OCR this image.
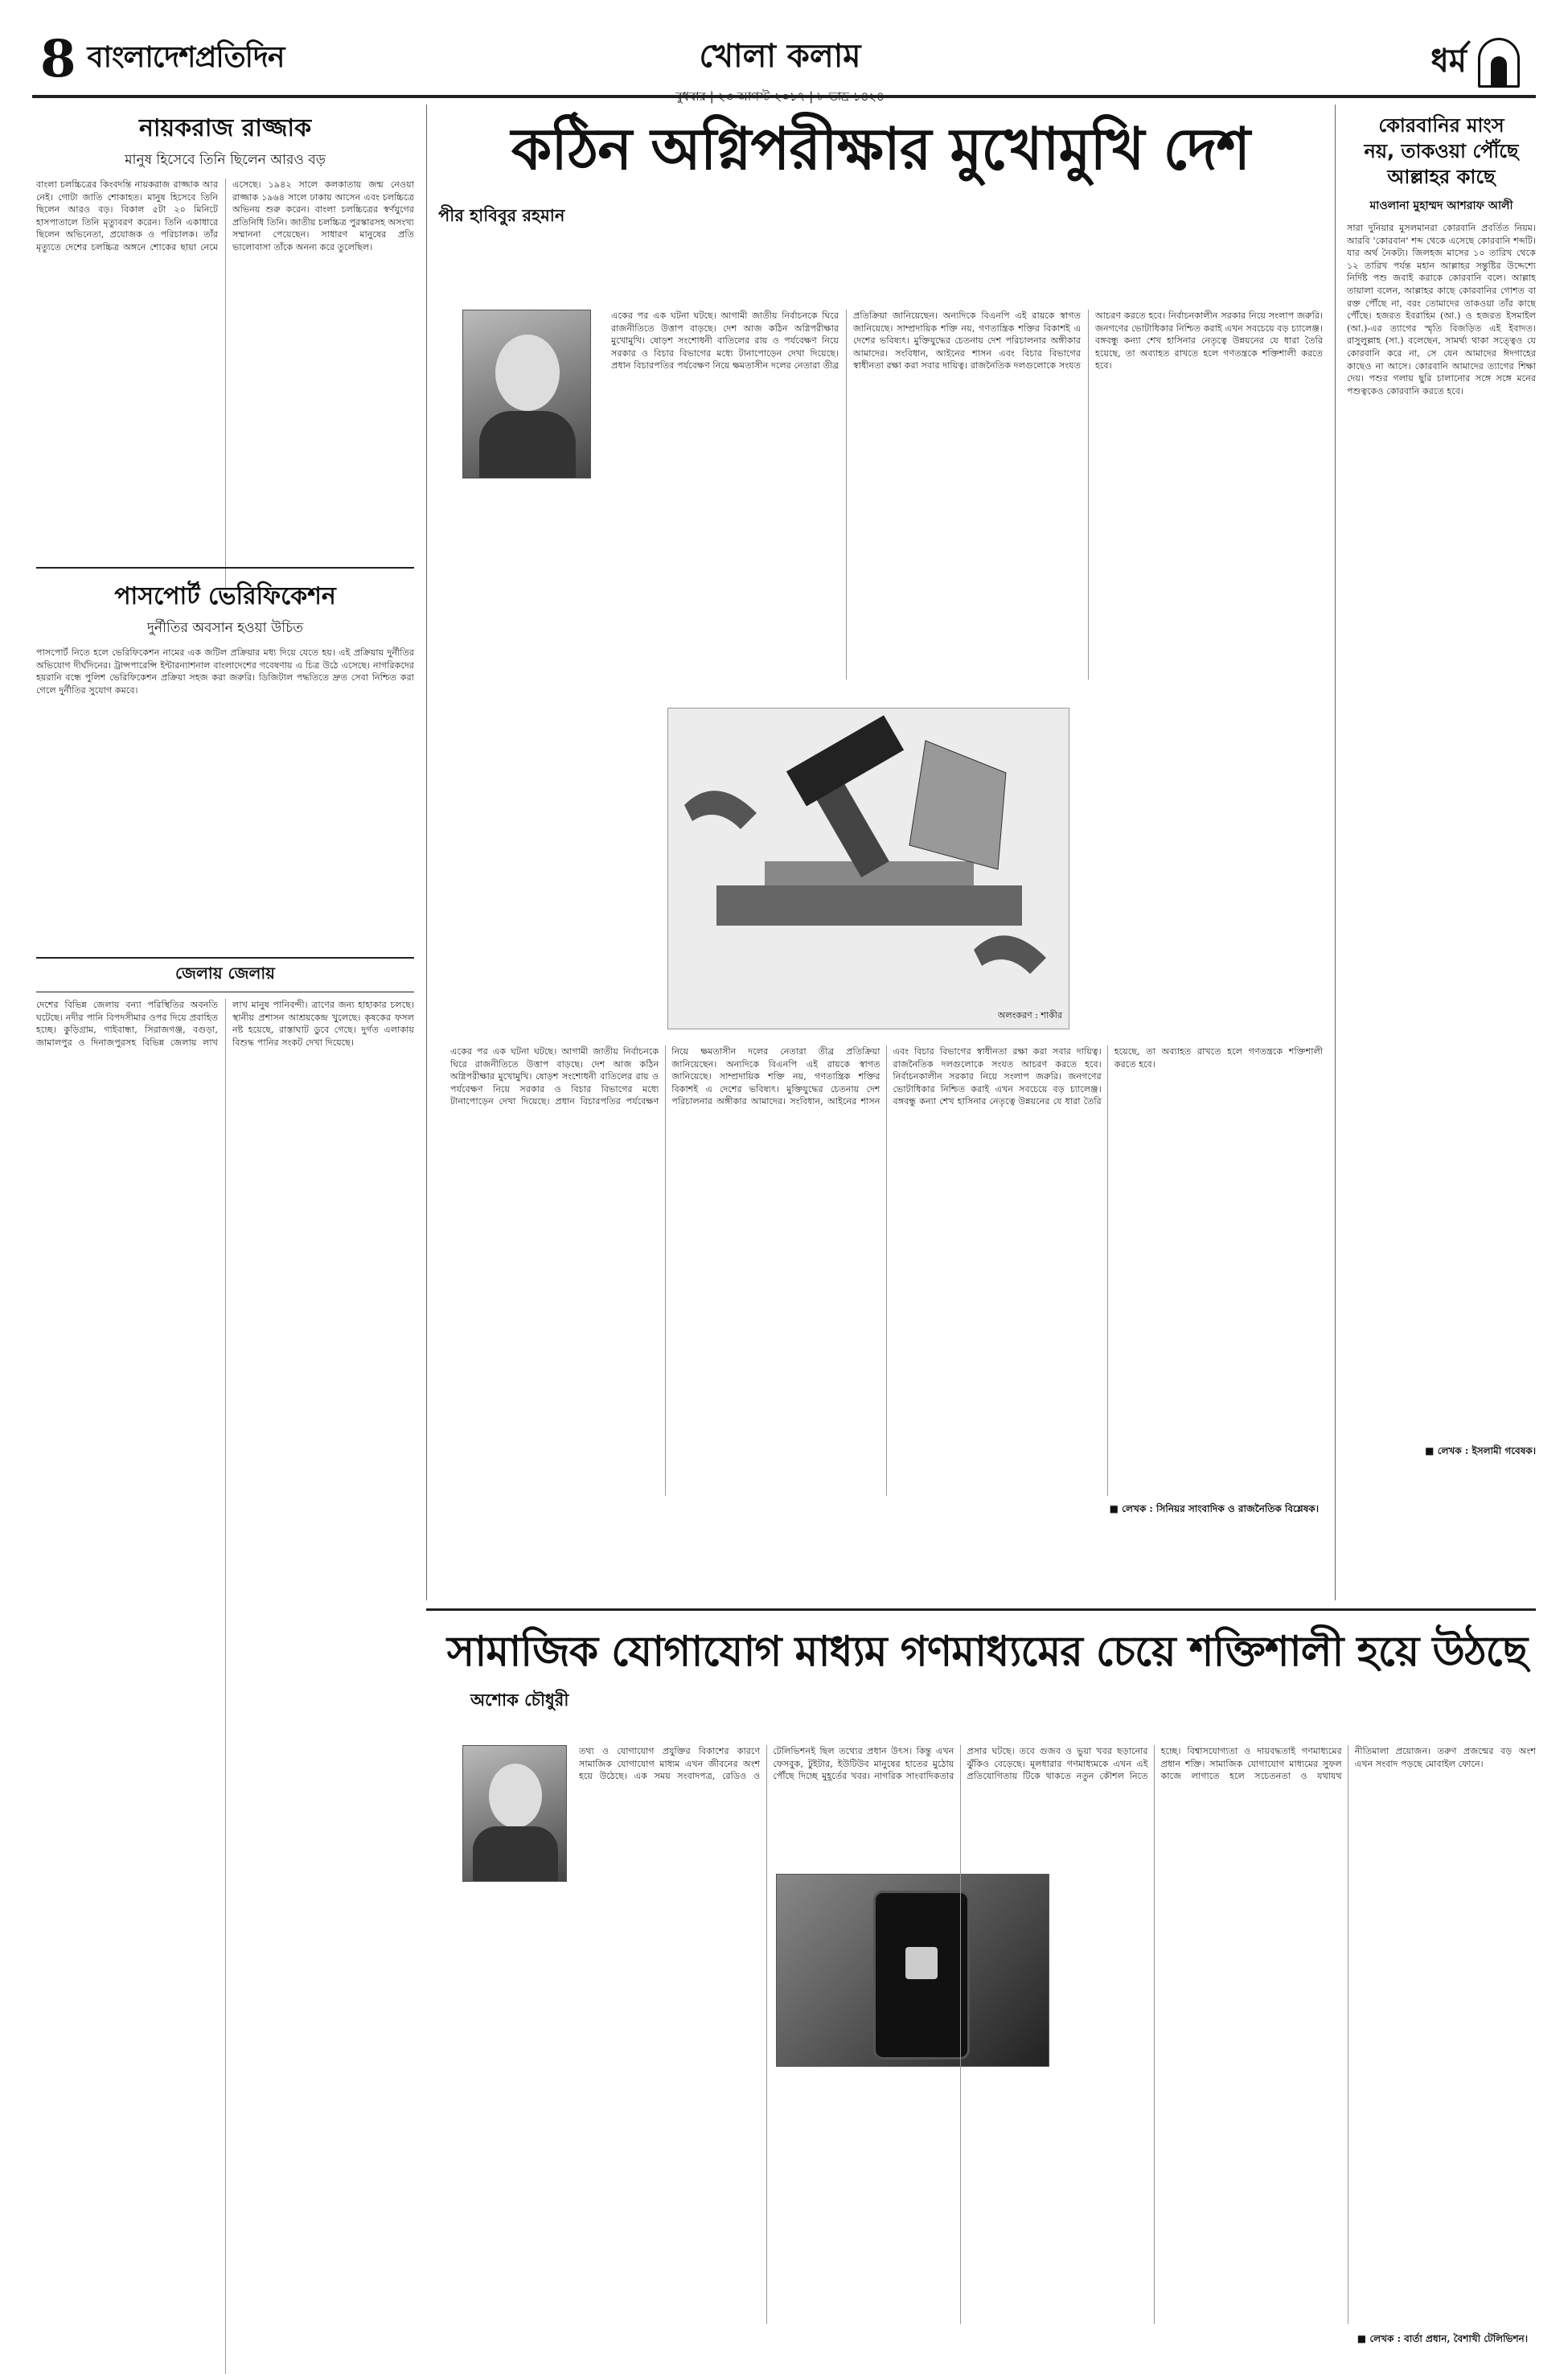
8 বাংলাদেশপ্রতিদিন	খোলা কলাম	ধর্ম
নায়করাজ রাজ্জাক
মানুষ হিসেবে তিনি ছিলেন আরও বড়
বাংলা চলচ্চিত্রের কিংবদন্তি নায়করাজ রাজ্জাক আর নেই। গোটা জাতি শোকাহত। মানুষ হিসেবে তিনি ছিলেন আরও বড়। বিকাল ৫টা ২০ মিনিটে হাসপাতালে তিনি মৃত্যুবরণ করেন। তিনি একাধারে ছিলেন অভিনেতা, প্রযোজক ও পরিচালক। তাঁর মৃত্যুতে দেশের চলচ্চিত্র অঙ্গনে শোকের ছায়া নেমে এসেছে। ১৯৪২ সালে কলকাতায় জন্ম নেওয়া রাজ্জাক ১৯৬৪ সালে ঢাকায় আসেন এবং চলচ্চিত্রে অভিনয় শুরু করেন। বাংলা চলচ্চিত্রের স্বর্ণযুগের প্রতিনিধি তিনি। জাতীয় চলচ্চিত্র পুরস্কারসহ অসংখ্য সম্মাননা পেয়েছেন। সাধারণ মানুষের প্রতি ভালোবাসা তাঁকে অনন্য করে তুলেছিল।
পাসপোর্ট ভেরিফিকেশন
দুর্নীতির অবসান হওয়া উচিত
পাসপোর্ট নিতে হলে ভেরিফিকেশন নামের এক জটিল প্রক্রিয়ার মধ্য দিয়ে যেতে হয়। এই প্রক্রিয়ায় দুর্নীতির অভিযোগ দীর্ঘদিনের। ট্রান্সপারেন্সি ইন্টারন্যাশনাল বাংলাদেশের গবেষণায় এ চিত্র উঠে এসেছে। নাগরিকদের হয়রানি বন্ধে পুলিশ ভেরিফিকেশন প্রক্রিয়া সহজ করা জরুরি। ডিজিটাল পদ্ধতিতে দ্রুত সেবা নিশ্চিত করা গেলে দুর্নীতির সুযোগ কমবে।
জেলায় জেলায়
দেশের বিভিন্ন জেলায় বন্যা পরিস্থিতির অবনতি ঘটেছে। নদীর পানি বিপদসীমার ওপর দিয়ে প্রবাহিত হচ্ছে। কুড়িগ্রাম, গাইবান্ধা, সিরাজগঞ্জ, বগুড়া, জামালপুর ও দিনাজপুরসহ বিভিন্ন জেলায় লাখ লাখ মানুষ পানিবন্দী। ত্রাণের জন্য হাহাকার চলছে। স্থানীয় প্রশাসন আশ্রয়কেন্দ্র খুলেছে। কৃষকের ফসল নষ্ট হয়েছে, রাস্তাঘাট ডুবে গেছে। দুর্গত এলাকায় বিশুদ্ধ পানির সংকট দেখা দিয়েছে।
কঠিন অগ্নিপরীক্ষার মুখোমুখি দেশ
পীর হাবিবুর রহমান
একের পর এক ঘটনা ঘটছে। আগামী জাতীয় নির্বাচনকে ঘিরে রাজনীতিতে উত্তাপ বাড়ছে। দেশ আজ কঠিন অগ্নিপরীক্ষার মুখোমুখি। ষোড়শ সংশোধনী বাতিলের রায় ও পর্যবেক্ষণ নিয়ে সরকার ও বিচার বিভাগের মধ্যে টানাপোড়েন দেখা দিয়েছে। প্রধান বিচারপতির পর্যবেক্ষণ নিয়ে ক্ষমতাসীন দলের নেতারা তীব্র প্রতিক্রিয়া জানিয়েছেন। অন্যদিকে বিএনপি এই রায়কে স্বাগত জানিয়েছে। সাম্প্রদায়িক শক্তি নয়, গণতান্ত্রিক শক্তির বিকাশই এ দেশের ভবিষ্যৎ। মুক্তিযুদ্ধের চেতনায় দেশ পরিচালনার অঙ্গীকার আমাদের। সংবিধান, আইনের শাসন এবং বিচার বিভাগের স্বাধীনতা রক্ষা করা সবার দায়িত্ব। রাজনৈতিক দলগুলোকে সংযত আচরণ করতে হবে। নির্বাচনকালীন সরকার নিয়ে সংলাপ জরুরি। জনগণের ভোটাধিকার নিশ্চিত করাই এখন সবচেয়ে বড় চ্যালেঞ্জ। বঙ্গবন্ধু কন্যা শেখ হাসিনার নেতৃত্বে উন্নয়নের যে ধারা তৈরি হয়েছে, তা অব্যাহত রাখতে হলে গণতন্ত্রকে শক্তিশালী করতে হবে।
অলংকরণ : শাকীর
একের পর এক ঘটনা ঘটছে। আগামী জাতীয় নির্বাচনকে ঘিরে রাজনীতিতে উত্তাপ বাড়ছে। দেশ আজ কঠিন অগ্নিপরীক্ষার মুখোমুখি। ষোড়শ সংশোধনী বাতিলের রায় ও পর্যবেক্ষণ নিয়ে সরকার ও বিচার বিভাগের মধ্যে টানাপোড়েন দেখা দিয়েছে। প্রধান বিচারপতির পর্যবেক্ষণ নিয়ে ক্ষমতাসীন দলের নেতারা তীব্র প্রতিক্রিয়া জানিয়েছেন। অন্যদিকে বিএনপি এই রায়কে স্বাগত জানিয়েছে। সাম্প্রদায়িক শক্তি নয়, গণতান্ত্রিক শক্তির বিকাশই এ দেশের ভবিষ্যৎ। মুক্তিযুদ্ধের চেতনায় দেশ পরিচালনার অঙ্গীকার আমাদের। সংবিধান, আইনের শাসন এবং বিচার বিভাগের স্বাধীনতা রক্ষা করা সবার দায়িত্ব। রাজনৈতিক দলগুলোকে সংযত আচরণ করতে হবে। নির্বাচনকালীন সরকার নিয়ে সংলাপ জরুরি। জনগণের ভোটাধিকার নিশ্চিত করাই এখন সবচেয়ে বড় চ্যালেঞ্জ। বঙ্গবন্ধু কন্যা শেখ হাসিনার নেতৃত্বে উন্নয়নের যে ধারা তৈরি হয়েছে, তা অব্যাহত রাখতে হলে গণতন্ত্রকে শক্তিশালী করতে হবে।
■ লেখক : সিনিয়র সাংবাদিক ও রাজনৈতিক বিশ্লেষক।
কোরবানির মাংস
নয়, তাকওয়া পৌঁছে
আল্লাহর কাছে
মাওলানা মুহাম্মদ আশরাফ আলী
সারা দুনিয়ার মুসলমানরা কোরবানি প্রবর্তিত নিয়ম। আরবি 'কোরবান' শব্দ থেকে এসেছে কোরবানি শব্দটি। যার অর্থ নৈকট্য। জিলহজ মাসের ১০ তারিখ থেকে ১২ তারিখ পর্যন্ত মহান আল্লাহর সন্তুষ্টির উদ্দেশ্যে নির্দিষ্ট পশু জবাই করাকে কোরবানি বলে। আল্লাহ তায়ালা বলেন, আল্লাহর কাছে কোরবানির গোশত বা রক্ত পৌঁছে না, বরং তোমাদের তাকওয়া তাঁর কাছে পৌঁছে। হজরত ইবরাহিম (আ.) ও হজরত ইসমাইল (আ.)-এর ত্যাগের স্মৃতি বিজড়িত এই ইবাদত। রাসুলুল্লাহ (সা.) বলেছেন, সামর্থ্য থাকা সত্ত্বেও যে কোরবানি করে না, সে যেন আমাদের ঈদগাহের কাছেও না আসে। কোরবানি আমাদের ত্যাগের শিক্ষা দেয়। পশুর গলায় ছুরি চালানোর সঙ্গে সঙ্গে মনের পশুত্বকেও কোরবানি করতে হবে।
■ লেখক : ইসলামী গবেষক।
সামাজিক যোগাযোগ মাধ্যম গণমাধ্যমের চেয়ে শক্তিশালী হয়ে উঠছে
অশোক চৌধুরী
তথ্য ও যোগাযোগ প্রযুক্তির বিকাশের কারণে সামাজিক যোগাযোগ মাধ্যম এখন জীবনের অংশ হয়ে উঠেছে। এক সময় সংবাদপত্র, রেডিও ও টেলিভিশনই ছিল তথ্যের প্রধান উৎস। কিন্তু এখন ফেসবুক, টুইটার, ইউটিউব মানুষের হাতের মুঠোয় পৌঁছে দিচ্ছে মুহূর্তের খবর। নাগরিক সাংবাদিকতার প্রসার ঘটছে। তবে গুজব ও ভুয়া খবর ছড়ানোর ঝুঁকিও বেড়েছে। মূলধারার গণমাধ্যমকে এখন এই প্রতিযোগিতায় টিকে থাকতে নতুন কৌশল নিতে হচ্ছে। বিশ্বাসযোগ্যতা ও দায়বদ্ধতাই গণমাধ্যমের প্রধান শক্তি। সামাজিক যোগাযোগ মাধ্যমের সুফল কাজে লাগাতে হলে সচেতনতা ও যথাযথ নীতিমালা প্রয়োজন। তরুণ প্রজন্মের বড় অংশ এখন সংবাদ পড়ছে মোবাইল ফোনে।
■ লেখক : বার্তা প্রধান, বৈশাখী টেলিভিশন।
